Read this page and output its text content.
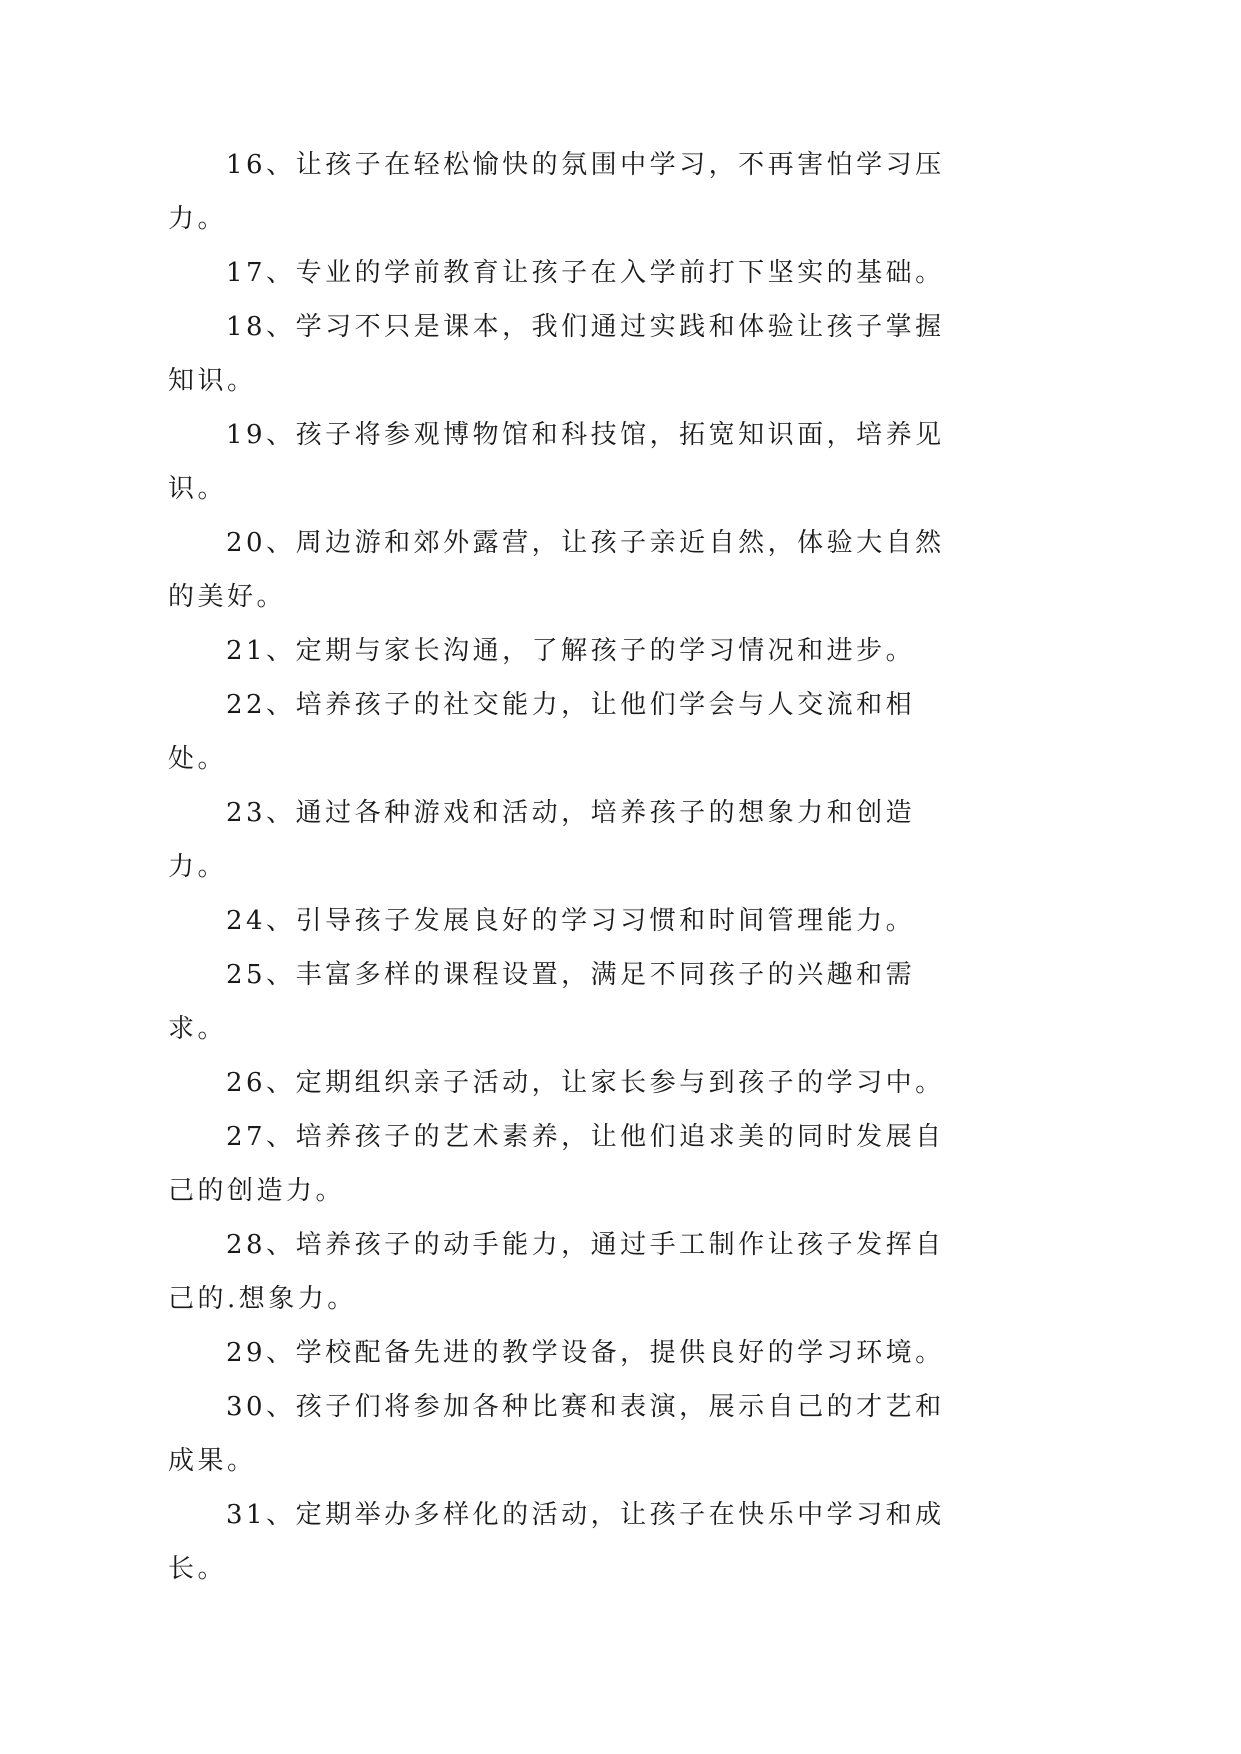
16、让孩子在轻松愉快的氛围中学习，不再害怕学习压力。

17、专业的学前教育让孩子在入学前打下坚实的基础。

18、学习不只是课本，我们通过实践和体验让孩子掌握知识。

19、孩子将参观博物馆和科技馆，拓宽知识面，培养见识。

20、周边游和郊外露营，让孩子亲近自然，体验大自然的美好。

21、定期与家长沟通，了解孩子的学习情况和进步。

22、培养孩子的社交能力，让他们学会与人交流和相处。

23、通过各种游戏和活动，培养孩子的想象力和创造力。

24、引导孩子发展良好的学习习惯和时间管理能力。

25、丰富多样的课程设置，满足不同孩子的兴趣和需求。

26、定期组织亲子活动，让家长参与到孩子的学习中。

27、培养孩子的艺术素养，让他们追求美的同时发展自己的创造力。

28、培养孩子的动手能力，通过手工制作让孩子发挥自己的.想象力。

29、学校配备先进的教学设备，提供良好的学习环境。

30、孩子们将参加各种比赛和表演，展示自己的才艺和成果。

31、定期举办多样化的活动，让孩子在快乐中学习和成长。
